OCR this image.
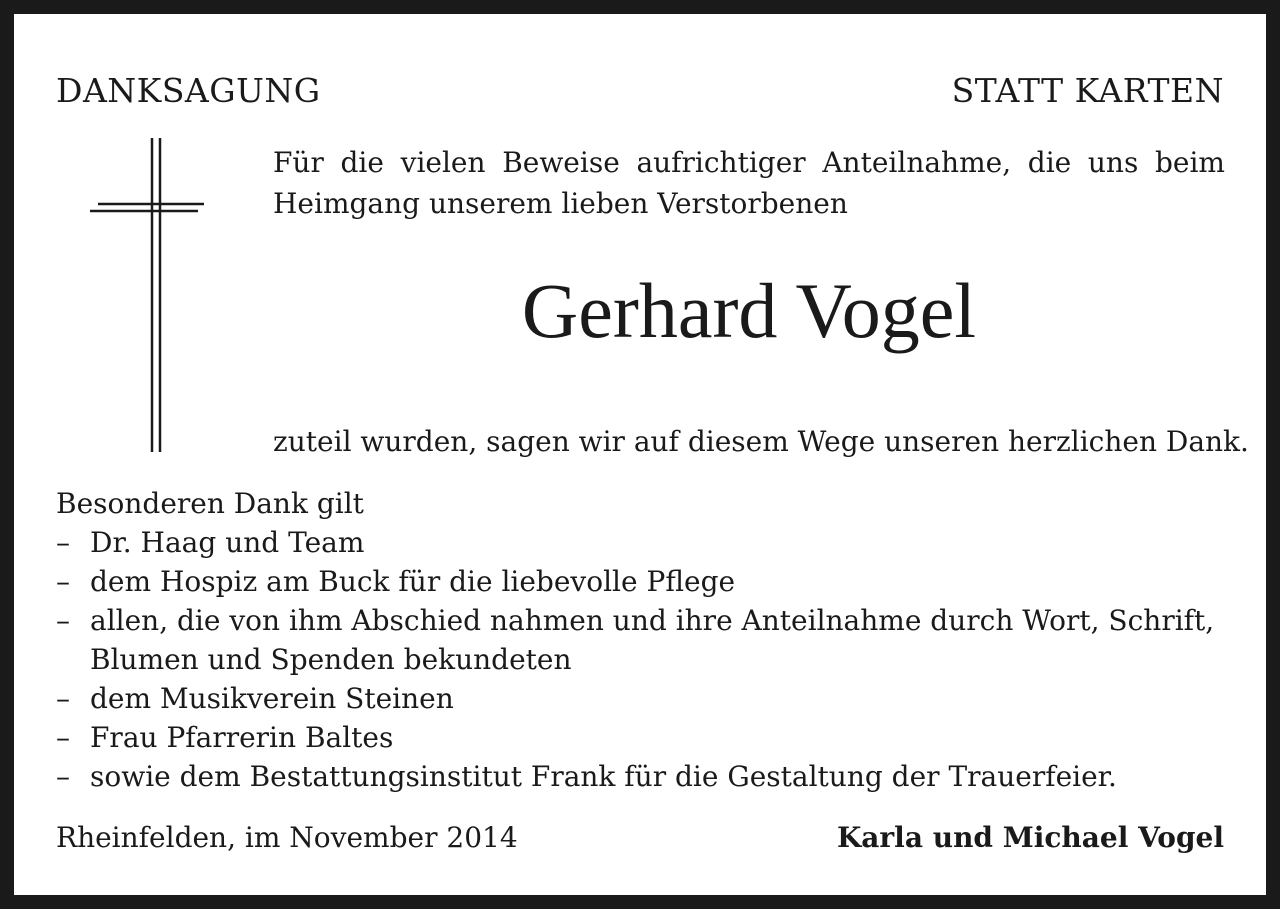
DANKSAGUNG	STATT KARTEN
Für die vielen Beweise aufrichtiger Anteilnahme, die uns beim Heimgang unserem lieben Verstorbenen
Gerhard Vogel
zuteil wurden, sagen wir auf diesem Wege unseren herzlichen Dank.
Besonderen Dank gilt
– Dr. Haag und Team
– dem Hospiz am Buck für die liebevolle Pflege
– allen, die von ihm Abschied nahmen und ihre Anteilnahme durch Wort, Schrift, Blumen und Spenden bekundeten
– dem Musikverein Steinen
– Frau Pfarrerin Baltes
– sowie dem Bestattungsinstitut Frank für die Gestaltung der Trauerfeier.
Rheinfelden, im November 2014	Karla und Michael Vogel
